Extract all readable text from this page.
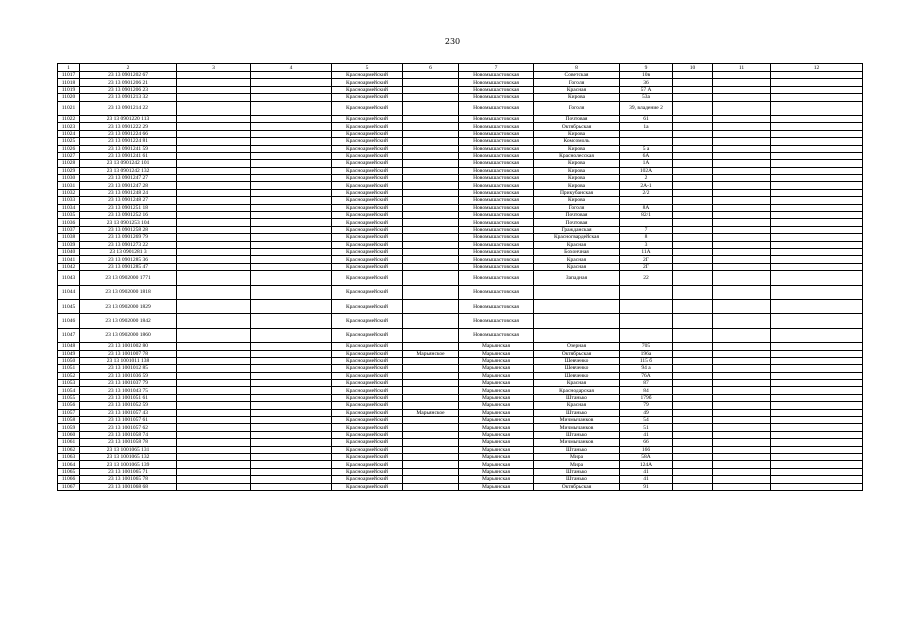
230
1	2	3	4	5	6	7	8	9	10	11	12
11017	23 13 0901202 67			Красноармейский		Новомышастовская	Советская	10в			
11018	23 13 0901206 21			Красноармейский		Новомышастовская	Гоголя	36			
11019	23 13 0901206 23			Красноармейский		Новомышастовская	Красная	57 А			
11020	23 13 0901213 32			Красноармейский		Новомышастовская	Кирова	53а			
11021	23 13 0901214 22			Красноармейский		Новомышастовская	Гоголя	39, владение 2			
11022	23 13 0901220 113			Красноармейский		Новомышастовская	Почтовая	61			
11023	23 13 0901222 29			Красноармейский		Новомышастовская	Октябрьская	1а			
11024	23 13 0901224 66			Красноармейский		Новомышастовская	Кирова				
11025	23 13 0901224 81			Красноармейский		Новомышастовская	Комсомоль				
11026	23 13 0901241 59			Красноармейский		Новомышастовская	Кирова	5 а			
11027	23 13 0901241 61			Красноармейский		Новомышастовская	Краснолесская	6А			
11028	23 13 0901242 101			Красноармейский		Новомышастовская	Кирова	1А			
11029	23 13 0901242 132			Красноармейский		Новомышастовская	Кирова	102А			
11030	23 13 0901247 27			Красноармейский		Новомышастовская	Кирова	2			
11031	23 13 0901247 28			Красноармейский		Новомышастовская	Кирова	2А-1			
11032	23 13 0901248 24			Красноармейский		Новомышастовская	Прикубанская	2/2			
11033	23 13 0901248 27			Красноармейский		Новомышастовская	Кирова				
11034	23 13 0901251 18			Красноармейский		Новомышастовская	Гоголя	8А			
11035	23 13 0901252 16			Красноармейский		Новомышастовская	Почтовая	82/1			
11036	23 13 0901253 104			Красноармейский		Новомышастовская	Почтовая				
11037	23 13 0901258 28			Красноармейский		Новомышастовская	Гражданская	7			
11038	23 13 0901269 79			Красноармейский		Новомышастовская	Красногвардейская	8			
11039	23 13 0901273 22			Красноармейский		Новомышастовская	Красная	3			
11040	23 13 0901281 3			Красноармейский		Новомышастовская	Бохончная	11А			
11041	23 13 0901285 36			Красноармейский		Новомышастовская	Красная	2Г			
11042	23 13 0901285 47			Красноармейский		Новомышастовская	Красная	2Г			
11043	23 13 0902000 1771			Красноармейский		Новомышастовская	Западная	22			
11044	23 13 0902000 1818			Красноармейский		Новомышастовская					
11045	23 13 0902000 1829			Красноармейский		Новомышастовская					
11046	23 13 0902000 1842			Красноармейский		Новомышастовская					
11047	23 13 0902000 1860			Красноармейский		Новомышастовская					
11048	23 13 1001002 80			Красноармейский		Марьянская	Озерная	705			
11049	23 13 1001007 78			Красноармейский	Марьянское	Марьянская	Октябрьская	196а			
11050	23 13 1001011 138			Красноармейский		Марьянская	Шевченко	115 б			
11051	23 13 1001012 85			Красноармейский		Марьянская	Шевченко	94 а			
11052	23 13 1001036 59			Красноармейский		Марьянская	Шевченко	76А			
11053	23 13 1001037 79			Красноармейский		Марьянская	Красная	87			
11054	23 13 1001043 75			Красноармейский		Марьянская	Краснодарская	84			
11055	23 13 1001051 61			Красноармейский		Марьянская	Штанько	179б			
11056	23 13 1001052 59			Красноармейский		Марьянская	Красная	79			
11057	23 13 1001057 43			Красноармейский	Марьянское	Марьянская	Штанько	49			
11058	23 13 1001057 61			Красноармейский		Марьянская	Мичмычанков	54			
11059	23 13 1001057 62			Красноармейский		Марьянская	Мичмычанков	51			
11060	23 13 1001058 74			Красноармейский		Марьянская	Штанько	41			
11061	23 13 1001058 78			Красноармейский		Марьянская	Мичмычанков	66			
11062	23 13 1001065 131			Красноармейский		Марьянская	Штанько	166			
11063	23 13 1001065 132			Красноармейский		Марьянская	Мира	58А			
11064	23 13 1001065 139			Красноармейский		Марьянская	Мира	124А			
11065	23 13 1001065 71			Красноармейский		Марьянская	Штанько	41			
11066	23 13 1001065 78			Красноармейский		Марьянская	Штанько	41			
11067	23 13 1001068 68			Красноармейский		Марьянская	Октябрьская	91			
